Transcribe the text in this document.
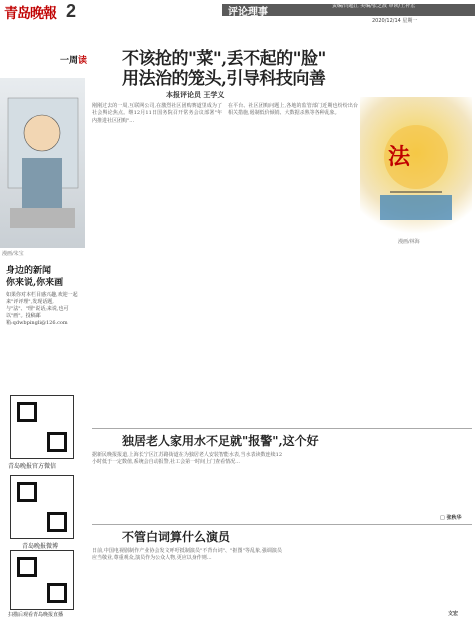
青岛晚報 2	评论理事
责编/闫超江 美编/张芝波 审读/王补宏
2020/12/14 星期一
一周读
漫画/朱宝
身边的新闻
你来说,你来画
如果你对本栏目感兴趣,欢迎一起来"评评理",发现话题,与"法"、"理"说话;来说,也可以"画"。投稿邮箱:qdwbpingli@126.com
青岛晚报官方微信
青岛晚报微博
扫描后观看青岛晚报直播
不该抢的"菜",丢不起的"脸"
用法治的笼头,引导科技向善
本报评论员 王学义
刚刚过去的一周,互联网公司,在激烈社区团购赛道里成为了社会舆论焦点。继12月11日国务院召开常务会议部署"年内推进社区团购"...
在平台、社区团购问题上,各地的监管部门近期也纷纷出台相关措施,遏制低价倾销、大数据杀熟等各种乱象。
法
漫画/林海
独居老人家用水不足就"报警",这个好
据新民晚报报道,上海长宁区江苏路街道在为独居老人安装智能水表,当水表读数连续12小时低于一定数值,系统会自动报警,社工会第一时间上门查看情况...
□ 张秋华
不管白词算什么演员
日前,中国电视剧制作产业协会发文呼吁抵制演员"不背台词"、"抠图"等乱象,强调演员应当敬业,尊重观众,演员作为公众人物,更应以身作则...
文宏
